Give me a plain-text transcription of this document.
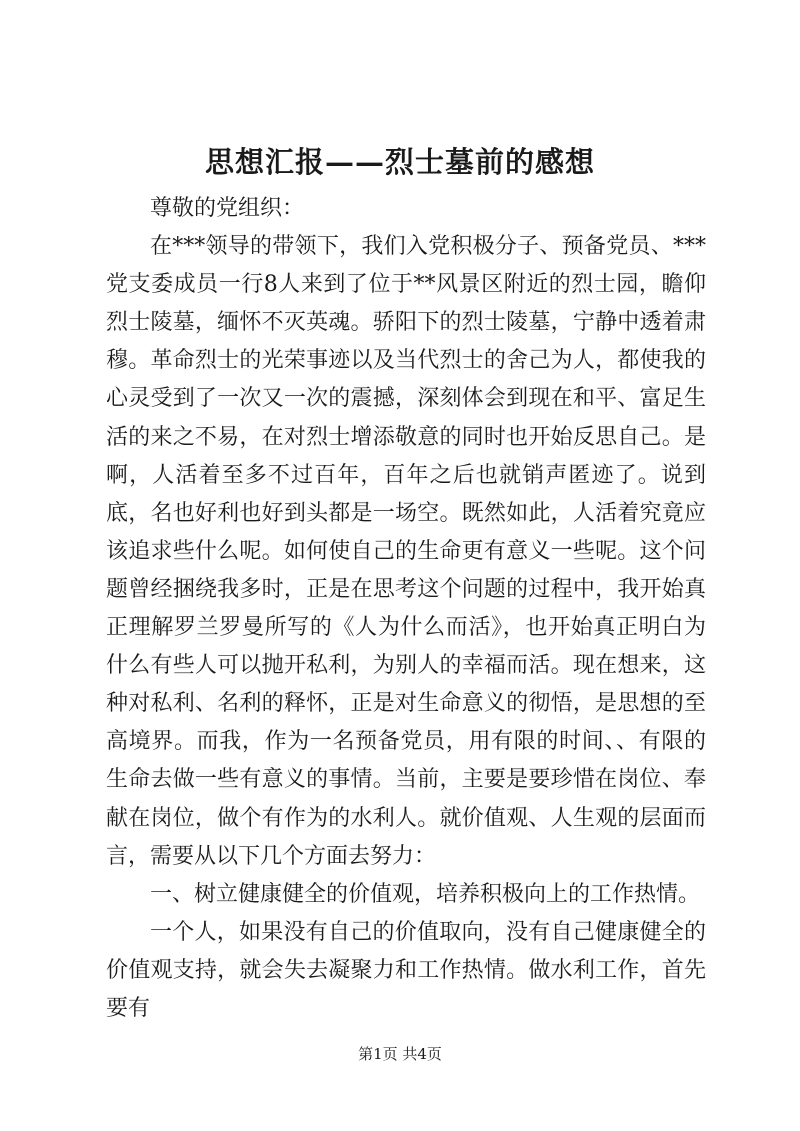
思想汇报——烈士墓前的感想

尊敬的党组织：

在***领导的带领下，我们入党积极分子、预备党员、***党支委成员一行8人来到了位于**风景区附近的烈士园，瞻仰烈士陵墓，缅怀不灭英魂。骄阳下的烈士陵墓，宁静中透着肃穆。革命烈士的光荣事迹以及当代烈士的舍己为人，都使我的心灵受到了一次又一次的震撼，深刻体会到现在和平、富足生活的来之不易，在对烈士增添敬意的同时也开始反思自己。是啊，人活着至多不过百年，百年之后也就销声匿迹了。说到底，名也好利也好到头都是一场空。既然如此，人活着究竟应该追求些什么呢。如何使自己的生命更有意义一些呢。这个问题曾经捆绕我多时，正是在思考这个问题的过程中，我开始真正理解罗兰罗曼所写的《人为什么而活》，也开始真正明白为什么有些人可以抛开私利，为别人的幸福而活。现在想来，这种对私利、名利的释怀，正是对生命意义的彻悟，是思想的至高境界。而我，作为一名预备党员，用有限的时间、、有限的生命去做一些有意义的事情。当前，主要是要珍惜在岗位、奉献在岗位，做个有作为的水利人。就价值观、人生观的层面而言，需要从以下几个方面去努力：

一、树立健康健全的价值观，培养积极向上的工作热情。

一个人，如果没有自己的价值取向，没有自己健康健全的价值观支持，就会失去凝聚力和工作热情。做水利工作，首先要有

第1页 共4页
